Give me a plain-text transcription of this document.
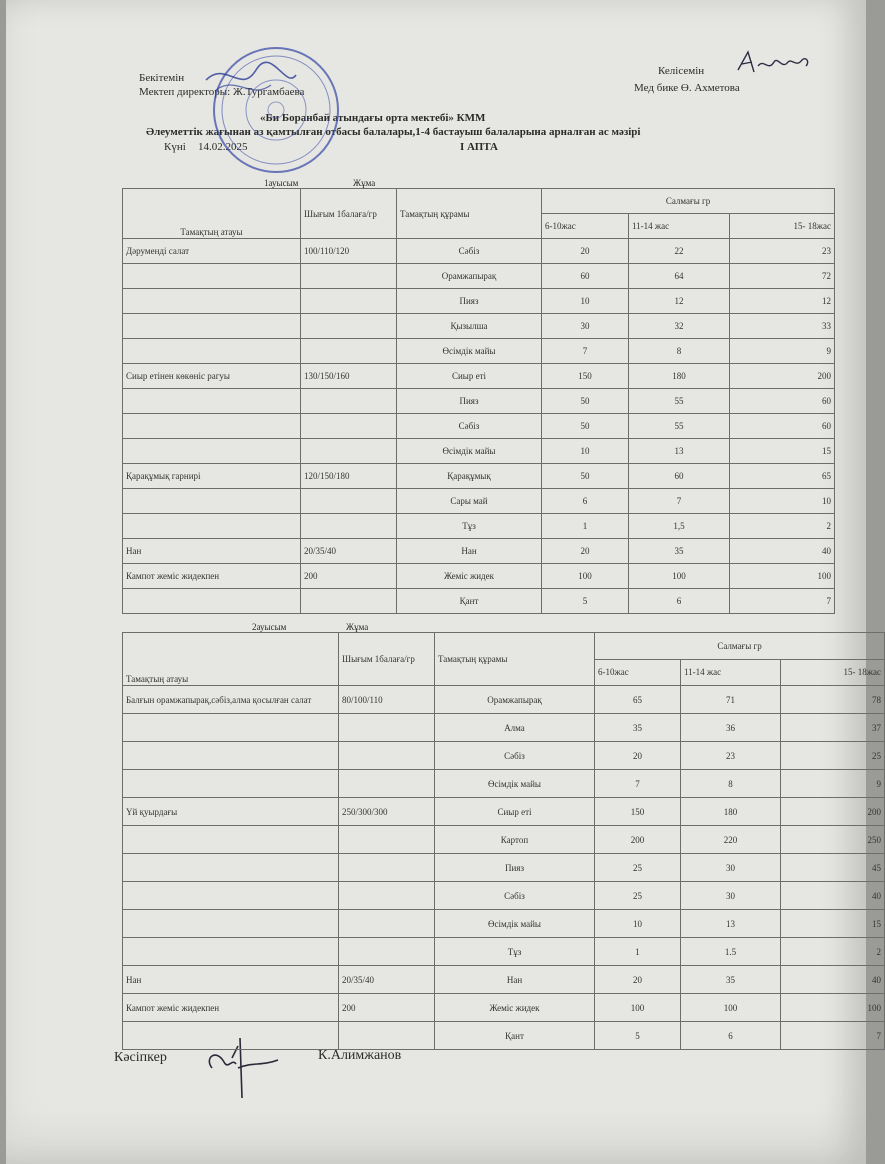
Бекітемін
Мектеп директоры: Ж.Тургамбаева
Келісемін
Мед бике Ө. Ахметова
«Би Боранбай атындағы орта мектебі» КММ
Әлеуметтік жағынан аз қамтылған отбасы балалары,1-4 бастауыш балаларына арналған ас мәзірі
Күні 14.02.2025	I АПТА
1ауысым	Жұма
Тамақтың атауы	Шығым 1балаға/гр	Тамақтың құрамы	Салмағы гр		
			6-10жас	11-14 жас	15- 18жас
Дәруменді салат	100/110/120	Сәбіз	20	22	23
		Орамжапырақ	60	64	72
		Пияз	10	12	12
		Қызылша	30	32	33
		Өсімдік майы	7	8	9
Сиыр етінен көкөніс рагуы	130/150/160	Сиыр еті	150	180	200
		Пияз	50	55	60
		Сәбіз	50	55	60
		Өсімдік майы	10	13	15
Қарақұмық гарнирі	120/150/180	Қарақұмық	50	60	65
		Сары май	6	7	10
		Тұз	1	1,5	2
Нан	20/35/40	Нан	20	35	40
Кампот жеміс жидекпен	200	Жеміс жидек	100	100	100
		Қант	5	6	7
2ауысым	Жұма
Тамақтың атауы	Шығым 1балаға/гр	Тамақтың құрамы	Салмағы гр		
			6-10жас	11-14 жас	15- 18жас
Балғын орамжапырақ,сәбіз,алма қосылған салат	80/100/110	Орамжапырақ	65	71	78
		Алма	35	36	37
		Сәбіз	20	23	25
		Өсімдік майы	7	8	9
Үй қуырдағы	250/300/300	Сиыр еті	150	180	200
		Картоп	200	220	250
		Пияз	25	30	45
		Сәбіз	25	30	40
		Өсімдік майы	10	13	15
		Тұз	1	1.5	2
Нан	20/35/40	Нан	20	35	40
Кампот жеміс жидекпен	200	Жеміс жидек	100	100	100
		Қант	5	6	7
Кәсіпкер	К.Алимжанов
